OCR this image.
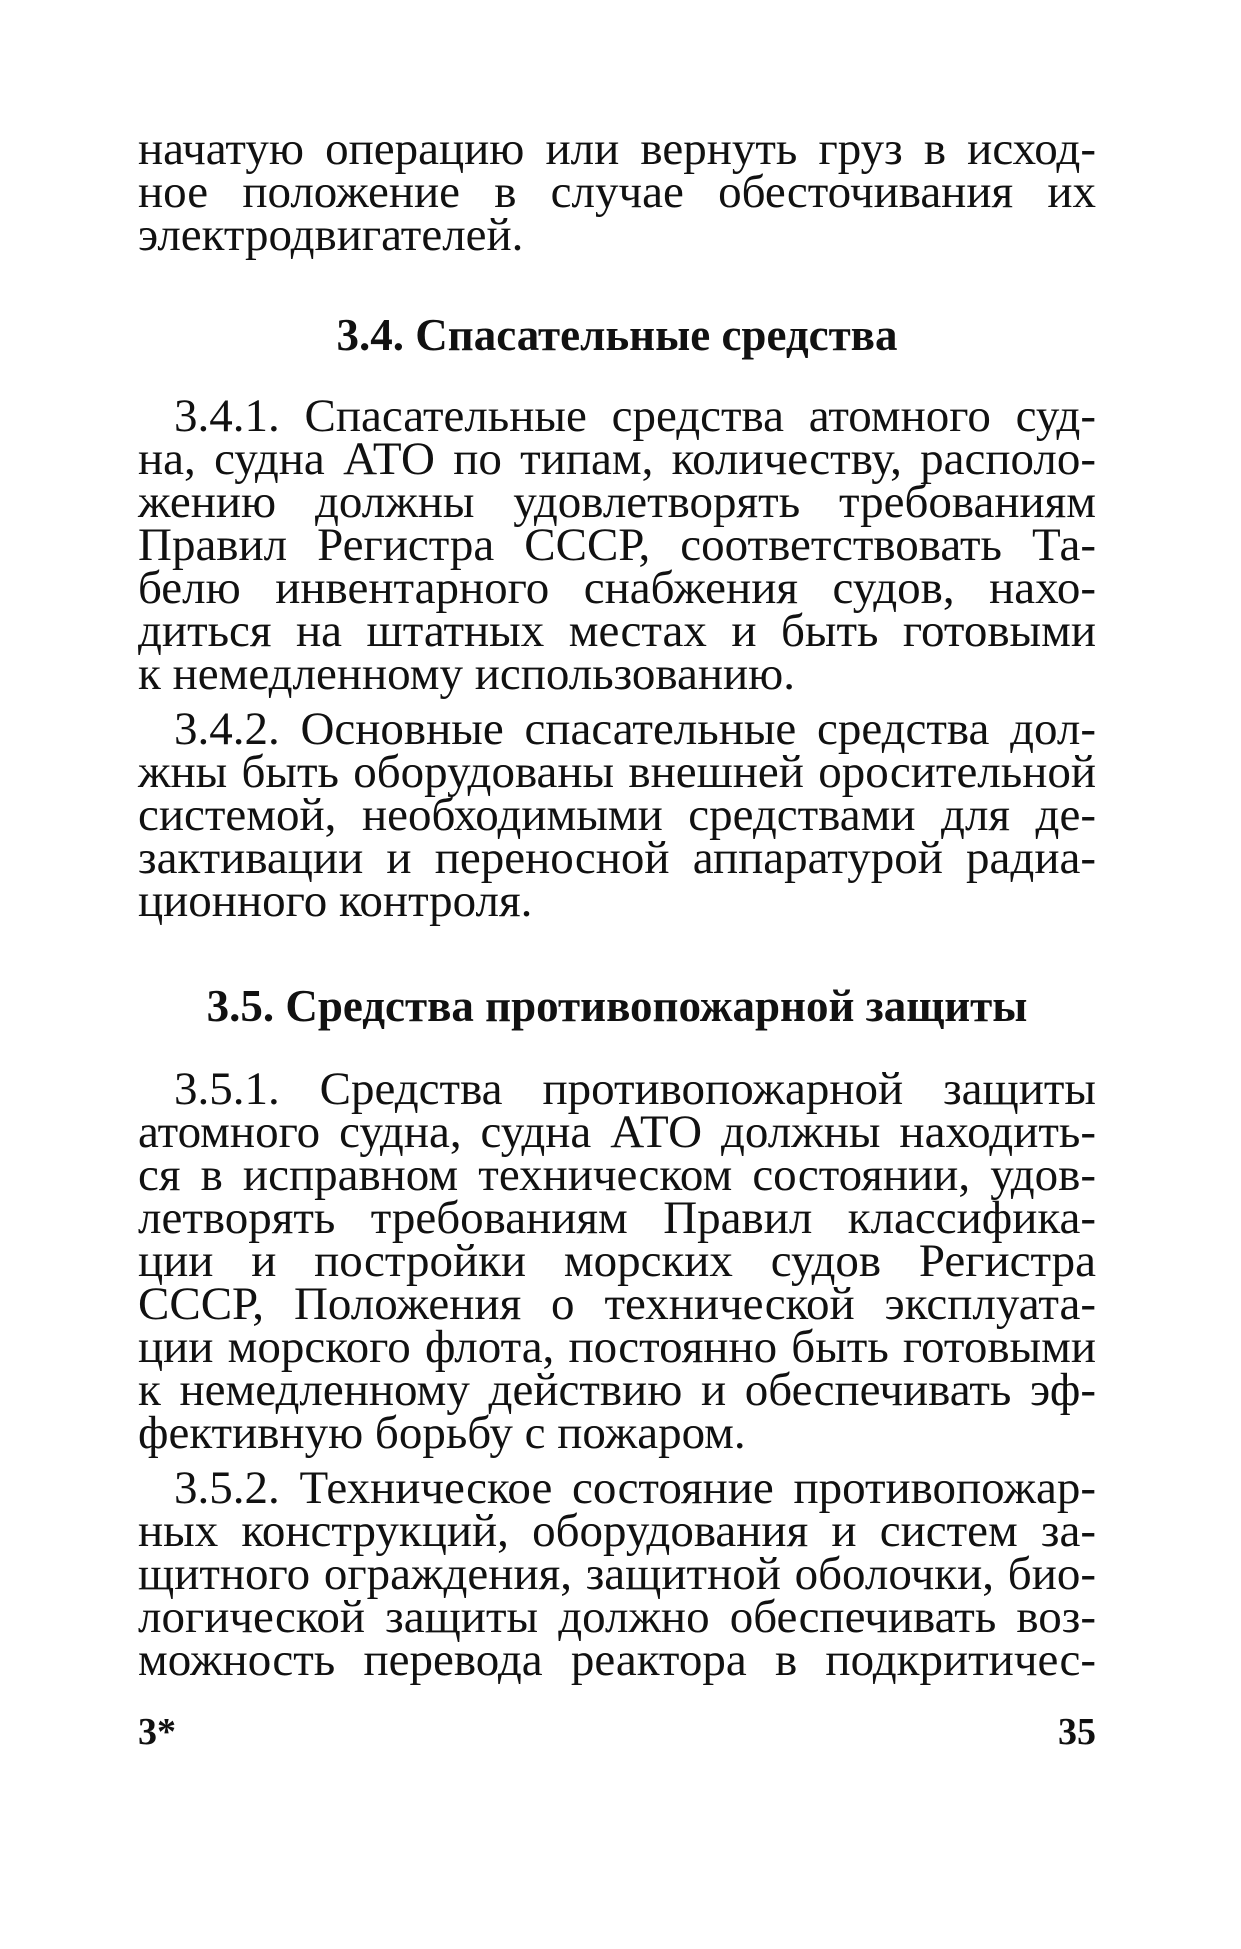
начатую операцию или вернуть груз в исход-
ное положение в случае обесточивания их
электродвигателей.
3.4. Спасательные средства
3.4.1. Спасательные средства атомного суд-
на, судна АТО по типам, количеству, располо-
жению должны удовлетворять требованиям
Правил Регистра СССР, соответствовать Та-
белю инвентарного снабжения судов, нахо-
диться на штатных местах и быть готовыми
к немедленному использованию.
3.4.2. Основные спасательные средства дол-
жны быть оборудованы внешней оросительной
системой, необходимыми средствами для де-
зактивации и переносной аппаратурой радиа-
ционного контроля.
3.5. Средства противопожарной защиты
3.5.1. Средства противопожарной защиты
атомного судна, судна АТО должны находить-
ся в исправном техническом состоянии, удов-
летворять требованиям Правил классифика-
ции и постройки морских судов Регистра
СССР, Положения о технической эксплуата-
ции морского флота, постоянно быть готовыми
к немедленному действию и обеспечивать эф-
фективную борьбу с пожаром.
3.5.2. Техническое состояние противопожар-
ных конструкций, оборудования и систем за-
щитного ограждения, защитной оболочки, био-
логической защиты должно обеспечивать воз-
можность перевода реактора в подкритичес-
3*	35
